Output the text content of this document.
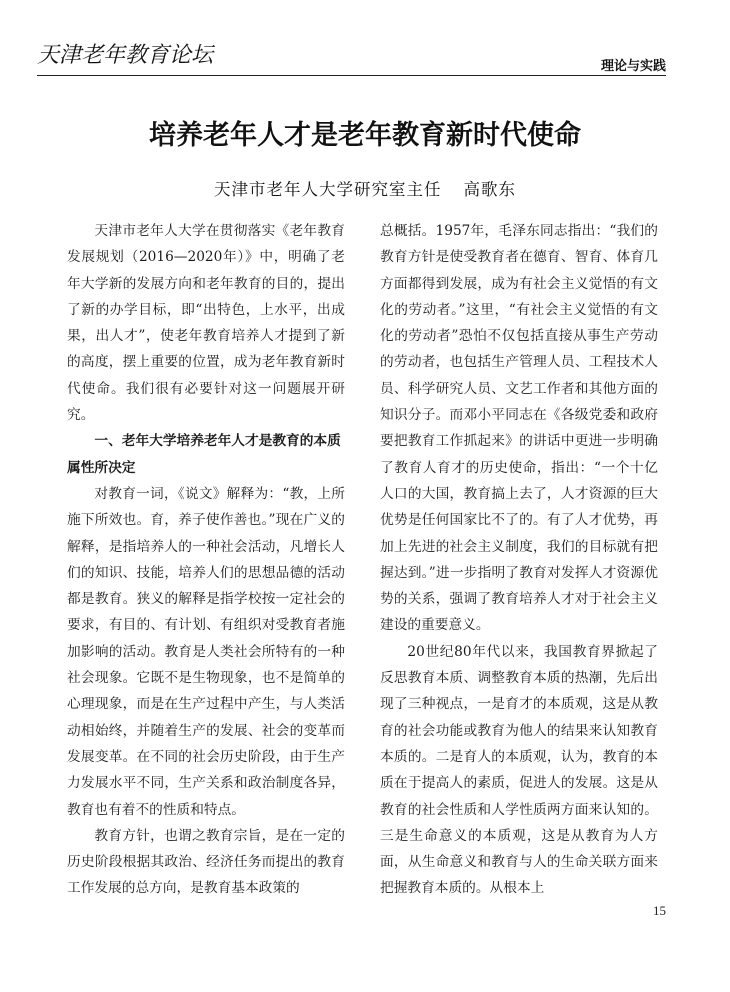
天津老年教育论坛	理论与实践
培养老年人才是老年教育新时代使命
天津市老年人大学研究室主任 高歌东

天津市老年人大学在贯彻落实《老年教育发展规划（2016—2020年）》中，明确了老年大学新的发展方向和老年教育的目的，提出了新的办学目标，即“出特色，上水平，出成果，出人才”，使老年教育培养人才提到了新的高度，摆上重要的位置，成为老年教育新时代使命。我们很有必要针对这一问题展开研究。

一、老年大学培养老年人才是教育的本质属性所决定

对教育一词，《说文》解释为：“教，上所施下所效也。育，养子使作善也。”现在广义的解释，是指培养人的一种社会活动，凡增长人们的知识、技能，培养人们的思想品德的活动都是教育。狭义的解释是指学校按一定社会的要求，有目的、有计划、有组织对受教育者施加影响的活动。教育是人类社会所特有的一种社会现象。它既不是生物现象，也不是简单的心理现象，而是在生产过程中产生，与人类活动相始终，并随着生产的发展、社会的变革而发展变革。在不同的社会历史阶段，由于生产力发展水平不同，生产关系和政治制度各异，教育也有着不的性质和特点。

教育方针，也谓之教育宗旨，是在一定的历史阶段根据其政治、经济任务而提出的教育工作发展的总方向，是教育基本政策的

总概括。1957年，毛泽东同志指出：“我们的教育方针是使受教育者在德育、智育、体育几方面都得到发展，成为有社会主义觉悟的有文化的劳动者。”这里，“有社会主义觉悟的有文化的劳动者”恐怕不仅包括直接从事生产劳动的劳动者，也包括生产管理人员、工程技术人员、科学研究人员、文艺工作者和其他方面的知识分子。而邓小平同志在《各级党委和政府要把教育工作抓起来》的讲话中更进一步明确了教育人育才的历史使命，指出：“一个十亿人口的大国，教育搞上去了，人才资源的巨大优势是任何国家比不了的。有了人才优势，再加上先进的社会主义制度，我们的目标就有把握达到。”进一步指明了教育对发挥人才资源优势的关系，强调了教育培养人才对于社会主义建设的重要意义。

20世纪80年代以来，我国教育界掀起了反思教育本质、调整教育本质的热潮，先后出现了三种视点，一是育才的本质观，这是从教育的社会功能或教育为他人的结果来认知教育本质的。二是育人的本质观，认为，教育的本质在于提高人的素质，促进人的发展。这是从教育的社会性质和人学性质两方面来认知的。三是生命意义的本质观，这是从教育为人方面，从生命意义和教育与人的生命关联方面来把握教育本质的。从根本上

15
